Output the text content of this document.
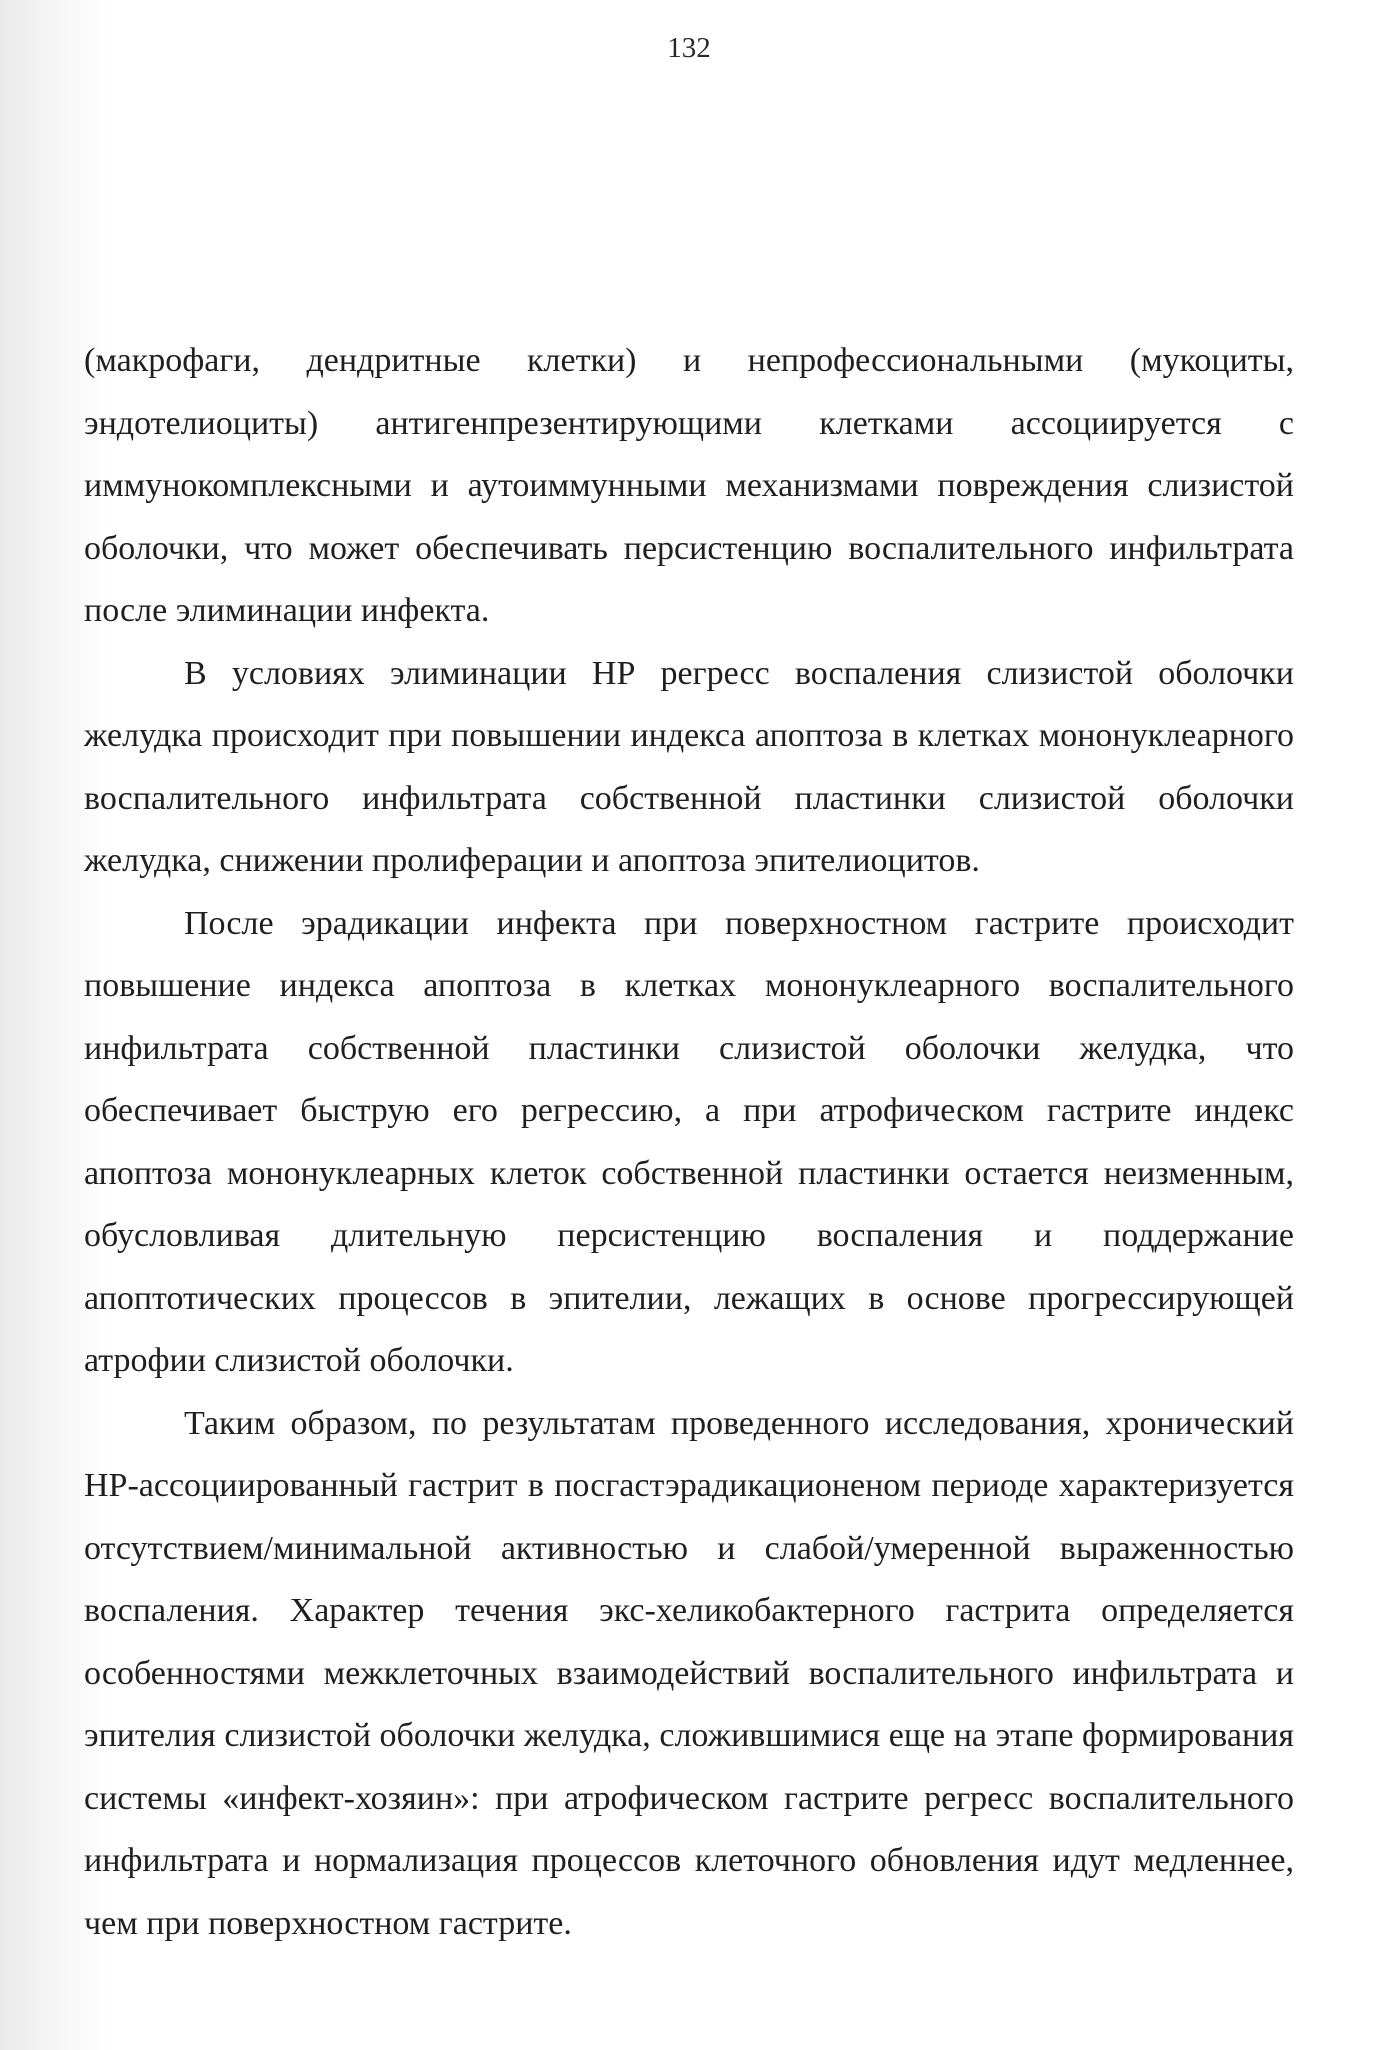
132

(макрофаги, дендритные клетки) и непрофессиональными (мукоциты, эндотелиоциты) антигенпрезентирующими клетками ассоциируется с иммунокомплексными и аутоиммунными механизмами повреждения слизистой оболочки, что может обеспечивать персистенцию воспалительного инфильтрата после элиминации инфекта.

В условиях элиминации НР регресс воспаления слизистой оболочки желудка происходит при повышении индекса апоптоза в клетках мононуклеарного воспалительного инфильтрата собственной пластинки слизистой оболочки желудка, снижении пролиферации и апоптоза эпителиоцитов.

После эрадикации инфекта при поверхностном гастрите происходит повышение индекса апоптоза в клетках мононуклеарного воспалительного инфильтрата собственной пластинки слизистой оболочки желудка, что обеспечивает быструю его регрессию, а при атрофическом гастрите индекс апоптоза мононуклеарных клеток собственной пластинки остается неизменным, обусловливая длительную персистенцию воспаления и поддержание апоптотических процессов в эпителии, лежащих в основе прогрессирующей атрофии слизистой оболочки.

Таким образом, по результатам проведенного исследования, хронический НР-ассоциированный гастрит в посгастэрадикационеном периоде характеризуется отсутствием/минимальной активностью и слабой/умеренной выраженностью воспаления. Характер течения экс-хеликобактерного гастрита определяется особенностями межклеточных взаимодействий воспалительного инфильтрата и эпителия слизистой оболочки желудка, сложившимися еще на этапе формирования системы «инфект-хозяин»: при атрофическом гастрите регресс воспалительного инфильтрата и нормализация процессов клеточного обновления идут медленнее, чем при поверхностном гастрите.
